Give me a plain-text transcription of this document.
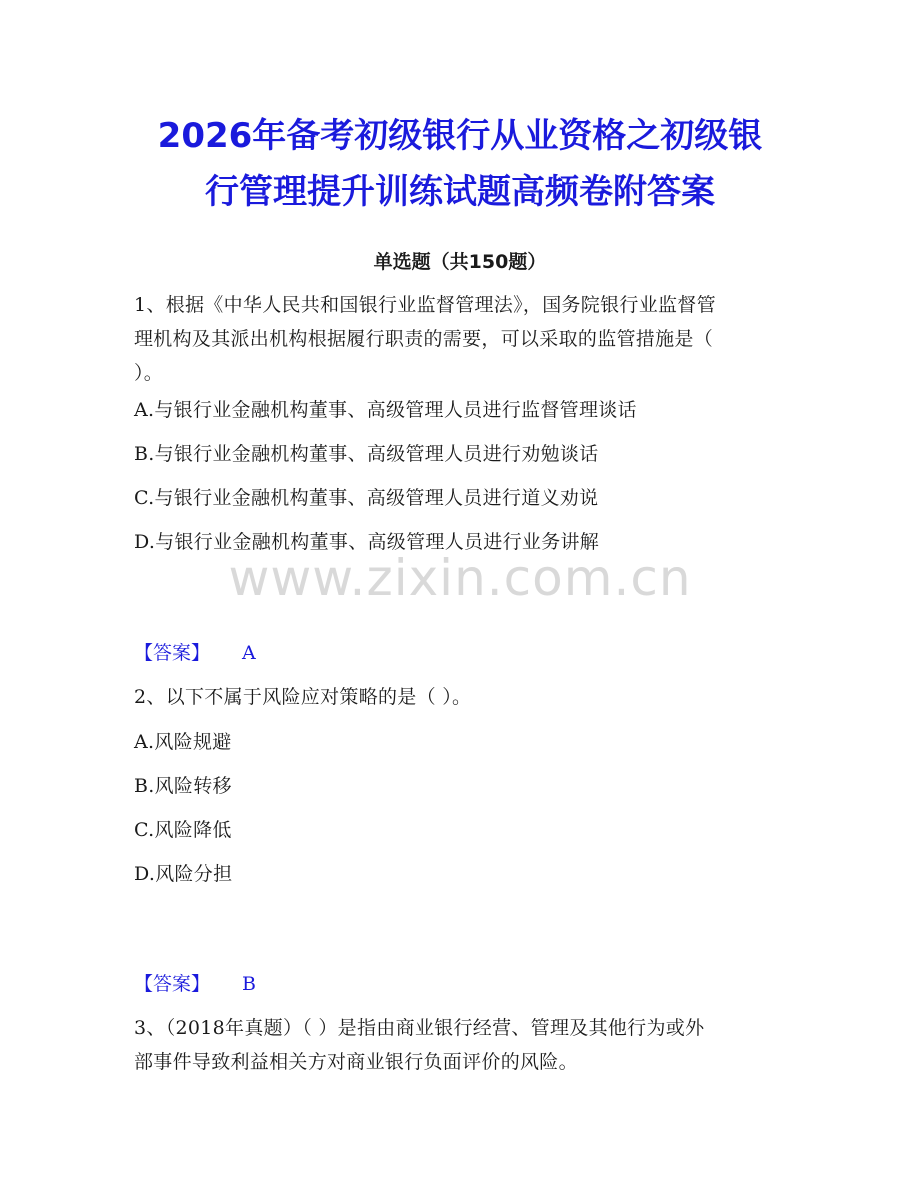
2026年备考初级银行从业资格之初级银
行管理提升训练试题高频卷附答案
单选题（共150题）
1、根据《中华人民共和国银行业监督管理法》，国务院银行业监督管
理机构及其派出机构根据履行职责的需要，可以采取的监管措施是（
）。
A.与银行业金融机构董事、高级管理人员进行监督管理谈话
B.与银行业金融机构董事、高级管理人员进行劝勉谈话
C.与银行业金融机构董事、高级管理人员进行道义劝说
D.与银行业金融机构董事、高级管理人员进行业务讲解
www.zixin.com.cn
【答案】 A
2、以下不属于风险应对策略的是（ ）。
A.风险规避
B.风险转移
C.风险降低
D.风险分担
【答案】 B
3、（2018年真题）（ ）是指由商业银行经营、管理及其他行为或外
部事件导致利益相关方对商业银行负面评价的风险。
